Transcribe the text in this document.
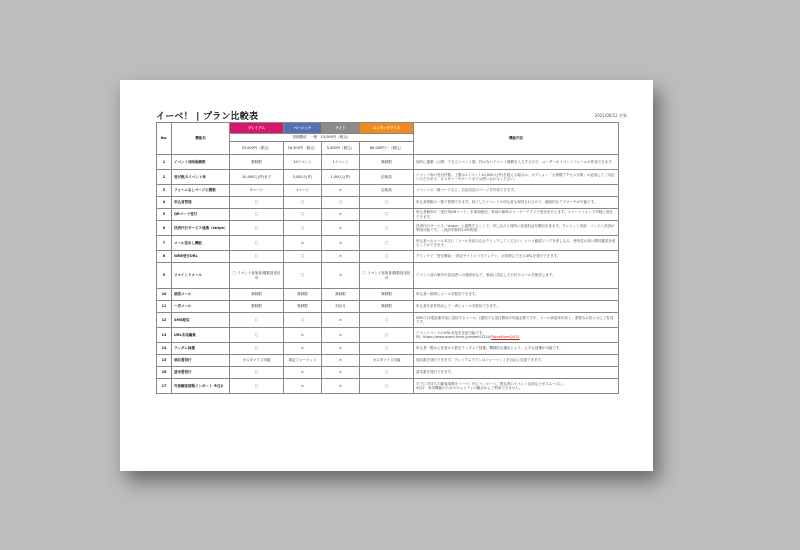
イーベ！ | プラン比較表	2021/06/12 更新
No.	機能名	プレミアム	ベーシック	ライト	エンタープライズ	機能内容
		初期費用　一律　15,000円（税込）				
		33,000円（税込）	16,500円（税込）	5,500円（税込）	66,000円〜（税込）	
1	イベント同時掲載数	無制限	10イベント	1イベント	無制限	同時に掲載（公開）できるイベント数。枠のないイベント掲載を入力する行で、ユーザーがイベントフォームが作成できます。
2	受付数/1イベント毎	10,000人(件)まで	3,000人(件)	1,000人(件)	応相談	イベント毎の受付件数。上限は1イベント10,000人(件)を超える場合は、オプション「大規模アクセス対策」の追加にてご対応いただけます。カスタマーサポートまでお問い合わせください。
3	フォームなしページ公開数	5ページ	1ページ	×	応相談	イベントの一覧ページなど、自由設定のページを作成できます。
4	申込者管理	〇	〇	〇	〇	申込者情報の一覧で管理できます。終了したイベントの申込者も保持されるので、継続的なアプローチが可能です。
5	QRコード受付	〇	〇	×	〇	申込者個別の「受付用QRコード」を事前配信。専用の無料のリーダーアプリで受付を行えます。スマートフォンで手軽に受付できます。
6	決済代行サービス連携（stripe）	〇	〇	×	〇	決済代行サービス「stripe」と連携することで、申し込みと同時に参加料金を徴収出来ます。クレジット決済、コンビニ決済が利用可能です。（決済手数料3.6%程度）
7	メール差出し機能	〇	×	×	〇	申込者へのメール本文に「メールを読み込むクリックしてください」という確認リンクを差し込み、使用性の高い開封確認を取ることができます。
8	WEB受付URL	〇	〇	×	〇	クリックで「受付開始」「指定サイトにリダイレクト」が同時にできるURLを発行できます。
9	リマインドメール	〇 イベント参加者/複数回送信可	〇	×	〇 イベント参加者/複数回送信可	イベント前の案内や参加者への連絡用など、事前に設定した日付やメールを配信します。
10	個別メール	無制限	無制限	無制限	無制限	申込者へ個別にメールを配信できます。
11	一斉メール	無制限	無制限	2回/月	無制限	申込者を条件抽出して一斉にメールを配信できます。
12	SMS配信	〇	〇	×	〇	SMSでは電話番号宛に送信するメール。(通知でも送信費用が別途必要ですが、メール到達率が高く、重要なお知らせにご有効です。
13	URL末尾編集	〇	×	×	〇	イベントページのURL末尾を変更可能です。
例）https://www.event-form.jp/event/1234/TokyoEvent2021
14	ランダム抽選	〇	×	×	〇	申込者一覧から任意の人数をランダムで抽選。機械的な選出により、公平な抽選が可能です。
15	領収書発行	カスタマイズ可能	規定フォーマット	×	カスタマイズ可能	領収書を発行できます。プレミアムプランはフォーマットを自由に変更できます。
16	請求書発行	〇	×	×	〇	請求書を発行できます。
17	外部顧客情報インポート ※注2	〇	×	×	〇	すでに手持ちの顧客情報をイーベ！内にインポート。既存者のイベント参加などがスムーズに。
※注2：専用機能のためセキュリティの観点からご利用できません。
